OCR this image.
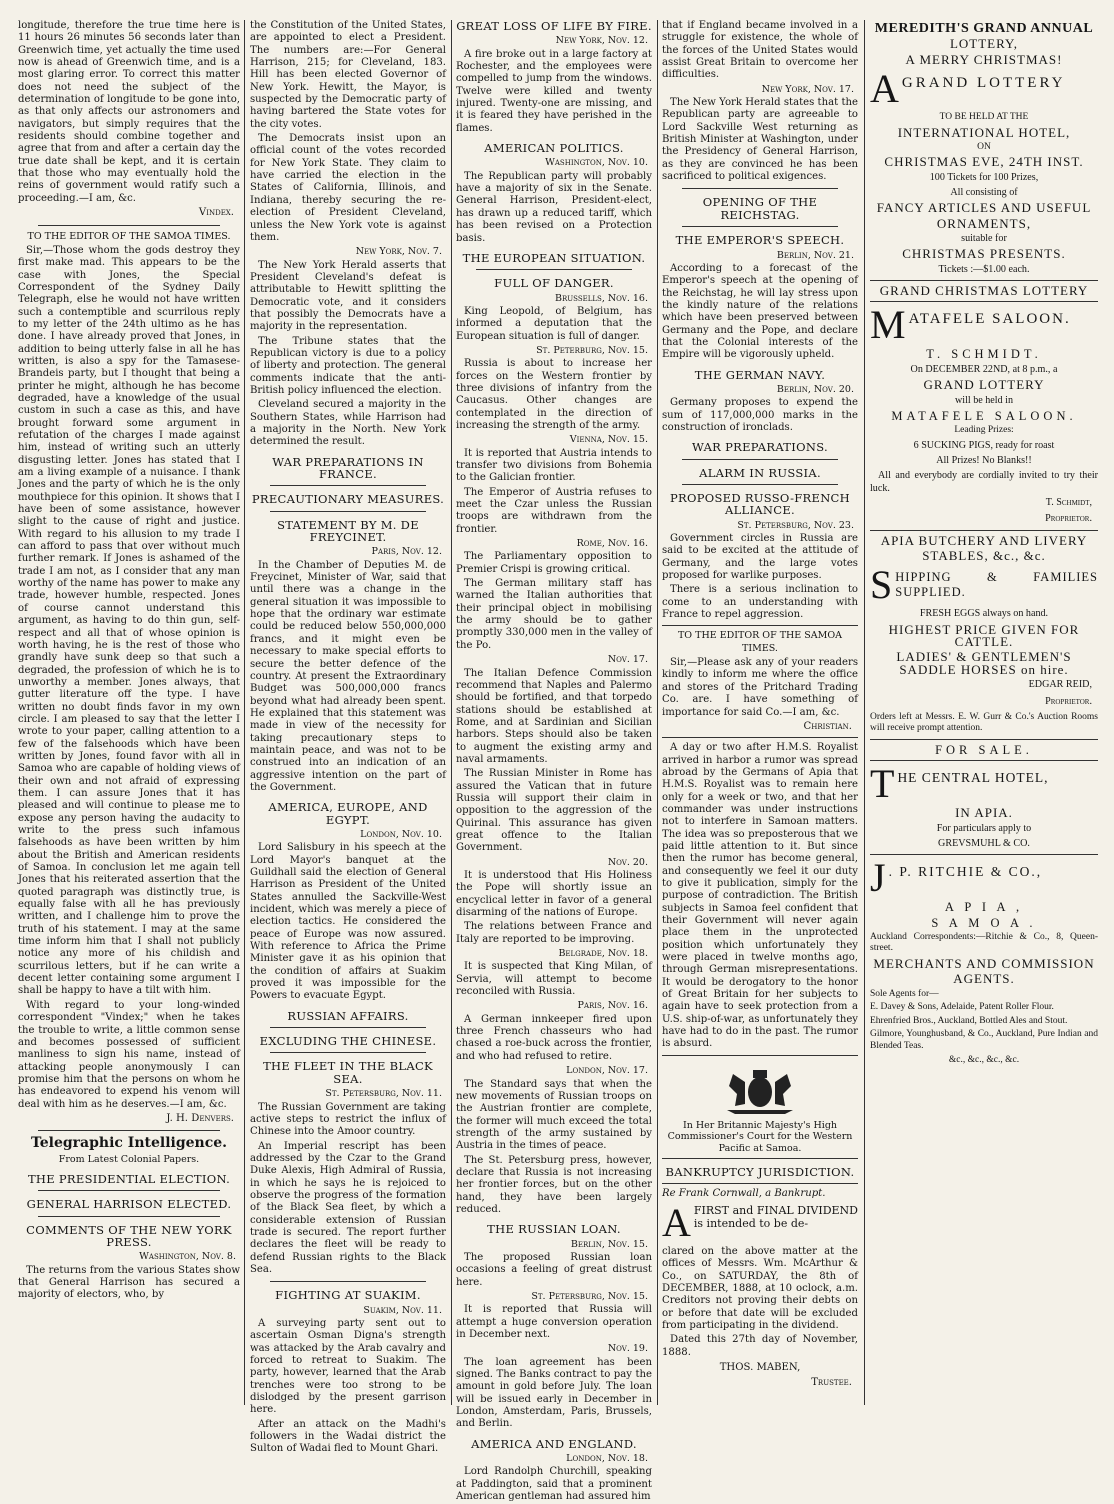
longitude, therefore the true time here is 11 hours 26 minutes 56 seconds later than Greenwich time, yet actually the time used now is ahead of Greenwich time, and is a most glaring error. To correct this matter does not need the subject of the determination of longitude to be gone into, as that only affects our astronomers and navigators, but simply requires that the residents should combine together and agree that from and after a certain day the true date shall be kept, and it is certain that those who may eventually hold the reins of government would ratify such a proceeding.—I am, &c.

Vindex.
TO THE EDITOR OF THE SAMOA TIMES.

Sir,—Those whom the gods destroy they first make mad. This appears to be the case with Jones, the Special Correspondent of the Sydney Daily Telegraph, else he would not have written such a contemptible and scurrilous reply to my letter of the 24th ultimo as he has done. I have already proved that Jones, in addition to being utterly false in all he has written, is also a spy for the Tamasese-Brandeis party, but I thought that being a printer he might, although he has become degraded, have a knowledge of the usual custom in such a case as this, and have brought forward some argument in refutation of the charges I made against him, instead of writing such an utterly disgusting letter. Jones has stated that I am a living example of a nuisance. I thank Jones and the party of which he is the only mouthpiece for this opinion. It shows that I have been of some assistance, however slight to the cause of right and justice. With regard to his allusion to my trade I can afford to pass that over without much further remark. If Jones is ashamed of the trade I am not, as I consider that any man worthy of the name has power to make any trade, however humble, respected. Jones of course cannot understand this argument, as having to do thin gun, self-respect and all that of whose opinion is worth having, he is the rest of those who grandly have sunk deep so that such a degraded, the profession of which he is to unworthy a member. Jones always, that gutter literature off the type. I have written no doubt finds favor in my own circle. I am pleased to say that the letter I wrote to your paper, calling attention to a few of the falsehoods which have been written by Jones, found favor with all in Samoa who are capable of holding views of their own and not afraid of expressing them. I can assure Jones that it has pleased and will continue to please me to expose any person having the audacity to write to the press such infamous falsehoods as have been written by him about the British and American residents of Samoa. In conclusion let me again tell Jones that his reiterated assertion that the quoted paragraph was distinctly true, is equally false with all he has previously written, and I challenge him to prove the truth of his statement. I may at the same time inform him that I shall not publicly notice any more of his childish and scurrilous letters, but if he can write a decent letter containing some argument I shall be happy to have a tilt with him.

With regard to your long-winded correspondent "Vindex;" when he takes the trouble to write, a little common sense and becomes possessed of sufficient manliness to sign his name, instead of attacking people anonymously I can promise him that the persons on whom he has endeavored to expend his venom will deal with him as he deserves.—I am, &c.

J. H. Denvers.
Telegraphic Intelligence.
From Latest Colonial Papers.
THE PRESIDENTIAL ELECTION.
GENERAL HARRISON ELECTED.
COMMENTS OF THE NEW YORK PRESS.
Washington, Nov. 8.

The returns from the various States show that General Harrison has secured a majority of electors, who, by

the Constitution of the United States, are appointed to elect a President. The numbers are:—For General Harrison, 215; for Cleveland, 183. Hill has been elected Governor of New York. Hewitt, the Mayor, is suspected by the Democratic party of having bartered the State votes for the city votes.

The Democrats insist upon an official count of the votes recorded for New York State. They claim to have carried the election in the States of California, Illinois, and Indiana, thereby securing the re-election of President Cleveland, unless the New York vote is against them.

New York, Nov. 7.

The New York Herald asserts that President Cleveland's defeat is attributable to Hewitt splitting the Democratic vote, and it considers that possibly the Democrats have a majority in the representation.

The Tribune states that the Republican victory is due to a policy of liberty and protection. The general comments indicate that the anti-British policy influenced the election.

Cleveland secured a majority in the Southern States, while Harrison had a majority in the North. New York determined the result.

WAR PREPARATIONS IN FRANCE.
PRECAUTIONARY MEASURES.
STATEMENT BY M. DE FREYCINET.
Paris, Nov. 12.

In the Chamber of Deputies M. de Freycinet, Minister of War, said that until there was a change in the general situation it was impossible to hope that the ordinary war estimate could be reduced below 550,000,000 francs, and it might even be necessary to make special efforts to secure the better defence of the country. At present the Extraordinary Budget was 500,000,000 francs beyond what had already been spent. He explained that this statement was made in view of the necessity for taking precautionary steps to maintain peace, and was not to be construed into an indication of an aggressive intention on the part of the Government.

AMERICA, EUROPE, AND EGYPT.
London, Nov. 10.

Lord Salisbury in his speech at the Lord Mayor's banquet at the Guildhall said the election of General Harrison as President of the United States annulled the Sackville-West incident, which was merely a piece of election tactics. He considered the peace of Europe was now assured. With reference to Africa the Prime Minister gave it as his opinion that the condition of affairs at Suakim proved it was impossible for the Powers to evacuate Egypt.

RUSSIAN AFFAIRS.
EXCLUDING THE CHINESE.
THE FLEET IN THE BLACK SEA.
St. Petersburg, Nov. 11.

The Russian Government are taking active steps to restrict the influx of Chinese into the Amoor country.

An Imperial rescript has been addressed by the Czar to the Grand Duke Alexis, High Admiral of Russia, in which he says he is rejoiced to observe the progress of the formation of the Black Sea fleet, by which a considerable extension of Russian trade is secured. The report further declares the fleet will be ready to defend Russian rights to the Black Sea.

FIGHTING AT SUAKIM.
Suakim, Nov. 11.

A surveying party sent out to ascertain Osman Digna's strength was attacked by the Arab cavalry and forced to retreat to Suakim. The party, however, learned that the Arab trenches were too strong to be dislodged by the present garrison here.

After an attack on the Madhi's followers in the Wadai district the Sulton of Wadai fled to Mount Ghari.

GREAT LOSS OF LIFE BY FIRE.
New York, Nov. 12.

A fire broke out in a large factory at Rochester, and the employees were compelled to jump from the windows. Twelve were killed and twenty injured. Twenty-one are missing, and it is feared they have perished in the flames.

AMERICAN POLITICS.
Washington, Nov. 10.

The Republican party will probably have a majority of six in the Senate. General Harrison, President-elect, has drawn up a reduced tariff, which has been revised on a Protection basis.

THE EUROPEAN SITUATION.
FULL OF DANGER.
Brussells, Nov. 16.

King Leopold, of Belgium, has informed a deputation that the European situation is full of danger.

St. Peterburg, Nov. 15.

Russia is about to increase her forces on the Western frontier by three divisions of infantry from the Caucasus. Other changes are contemplated in the direction of increasing the strength of the army.

Vienna, Nov. 15.

It is reported that Austria intends to transfer two divisions from Bohemia to the Galician frontier.

The Emperor of Austria refuses to meet the Czar unless the Russian troops are withdrawn from the frontier.

Rome, Nov. 16.

The Parliamentary opposition to Premier Crispi is growing critical.

The German military staff has warned the Italian authorities that their principal object in mobilising the army should be to gather promptly 330,000 men in the valley of the Po.

Nov. 17.

The Italian Defence Commission recommend that Naples and Palermo should be fortified, and that torpedo stations should be established at Rome, and at Sardinian and Sicilian harbors. Steps should also be taken to augment the existing army and naval armaments.

The Russian Minister in Rome has assured the Vatican that in future Russia will support their claim in opposition to the aggression of the Quirinal. This assurance has given great offence to the Italian Government.

Nov. 20.

It is understood that His Holiness the Pope will shortly issue an encyclical letter in favor of a general disarming of the nations of Europe.

The relations between France and Italy are reported to be improving.

Belgrade, Nov. 18.

It is suspected that King Milan, of Servia, will attempt to become reconciled with Russia.

Paris, Nov. 16.

A German innkeeper fired upon three French chasseurs who had chased a roe-buck across the frontier, and who had refused to retire.

London, Nov. 17.

The Standard says that when the new movements of Russian troops on the Austrian frontier are complete, the former will much exceed the total strength of the army sustained by Austria in the times of peace.

The St. Petersburg press, however, declare that Russia is not increasing her frontier forces, but on the other hand, they have been largely reduced.

THE RUSSIAN LOAN.
Berlin, Nov. 15.

The proposed Russian loan occasions a feeling of great distrust here.

St. Petersburg, Nov. 15.

It is reported that Russia will attempt a huge conversion operation in December next.

Nov. 19.

The loan agreement has been signed. The Banks contract to pay the amount in gold before July. The loan will be issued early in December in London, Amsterdam, Paris, Brussels, and Berlin.

AMERICA AND ENGLAND.
London, Nov. 18.

Lord Randolph Churchill, speaking at Paddington, said that a prominent American gentleman had assured him

that if England became involved in a struggle for existence, the whole of the forces of the United States would assist Great Britain to overcome her difficulties.

New York, Nov. 17.

The New York Herald states that the Republican party are agreeable to Lord Sackville West returning as British Minister at Washington, under the Presidency of General Harrison, as they are convinced he has been sacrificed to political exigences.

OPENING OF THE REICHSTAG.
THE EMPEROR'S SPEECH.
Berlin, Nov. 21.

According to a forecast of the Emperor's speech at the opening of the Reichstag, he will lay stress upon the kindly nature of the relations which have been preserved between Germany and the Pope, and declare that the Colonial interests of the Empire will be vigorously upheld.

THE GERMAN NAVY.
Berlin, Nov. 20.

Germany proposes to expend the sum of 117,000,000 marks in the construction of ironclads.

WAR PREPARATIONS.
ALARM IN RUSSIA.
PROPOSED RUSSO-FRENCH ALLIANCE.
St. Petersburg, Nov. 23.

Government circles in Russia are said to be excited at the attitude of Germany, and the large votes proposed for warlike purposes.

There is a serious inclination to come to an understanding with France to repel aggression.

TO THE EDITOR OF THE SAMOA TIMES.

Sir,—Please ask any of your readers kindly to inform me where the office and stores of the Pritchard Trading Co. are. I have something of importance for said Co.—I am, &c.

Christian.

A day or two after H.M.S. Royalist arrived in harbor a rumor was spread abroad by the Germans of Apia that H.M.S. Royalist was to remain here only for a week or two, and that her commander was under instructions not to interfere in Samoan matters. The idea was so preposterous that we paid little attention to it. But since then the rumor has become general, and consequently we feel it our duty to give it publication, simply for the purpose of contradiction. The British subjects in Samoa feel confident that their Government will never again place them in the unprotected position which unfortunately they were placed in twelve months ago, through German misrepresentations. It would be derogatory to the honor of Great Britain for her subjects to again have to seek protection from a U.S. ship-of-war, as unfortunately they have had to do in the past. The rumor is absurd.

In Her Britannic Majesty's High Commissioner's Court for the Western Pacific at Samoa.

BANKRUPTCY JURISDICTION.

Re Frank Cornwall, a Bankrupt.

A FIRST and FINAL DIVIDEND is intended to be de-

clared on the above matter at the offices of Messrs. Wm. McArthur & Co., on SATURDAY, the 8th of DECEMBER, 1888, at 10 oclock, a.m. Creditors not proving their debts on or before that date will be excluded from participating in the dividend.

Dated this 27th day of November, 1888.

THOS. MABEN,
Trustee.
MEREDITH'S GRAND ANNUAL
LOTTERY,
A MERRY CHRISTMAS!
A GRAND LOTTERY
TO BE HELD AT THE
INTERNATIONAL HOTEL,
ON
CHRISTMAS EVE, 24TH INST.
100 Tickets for 100 Prizes,
All consisting of
FANCY ARTICLES AND USEFUL
ORNAMENTS,
suitable for
CHRISTMAS PRESENTS.
Tickets :—$1.00 each.
GRAND CHRISTMAS LOTTERY
M ATAFELE SALOON.
T. SCHMIDT.
On DECEMBER 22ND, at 8 p.m., a
GRAND LOTTERY
will be held in
MATAFELE SALOON.
Leading Prizes:
6 SUCKING PIGS, ready for roast
All Prizes! No Blanks!!

All and everybody are cordially invited to try their luck.

T. Schmidt,
Proprietor.
APIA BUTCHERY AND LIVERY
STABLES, &c., &c.
S HIPPING & FAMILIES SUPPLIED.
FRESH EGGS always on hand.
HIGHEST PRICE GIVEN FOR CATTLE.
LADIES' & GENTLEMEN'S SADDLE HORSES on hire.
EDGAR REID,
Proprietor.

Orders left at Messrs. E. W. Gurr & Co.'s Auction Rooms will receive prompt attention.

FOR SALE.
T HE CENTRAL HOTEL,
IN APIA.
For particulars apply to
GREVSMUHL & CO.
J . P. RITCHIE & CO.,
A P I A ,
S A M O A .

Auckland Correspondents:—Ritchie & Co., 8, Queen-street.

MERCHANTS AND COMMISSION
AGENTS.

Sole Agents for—

E. Davey & Sons, Adelaide, Patent Roller Flour.

Ehrenfried Bros., Auckland, Bottled Ales and Stout.

Gilmore, Younghusband, & Co., Auckland, Pure Indian and Blended Teas.

&c., &c., &c., &c.
